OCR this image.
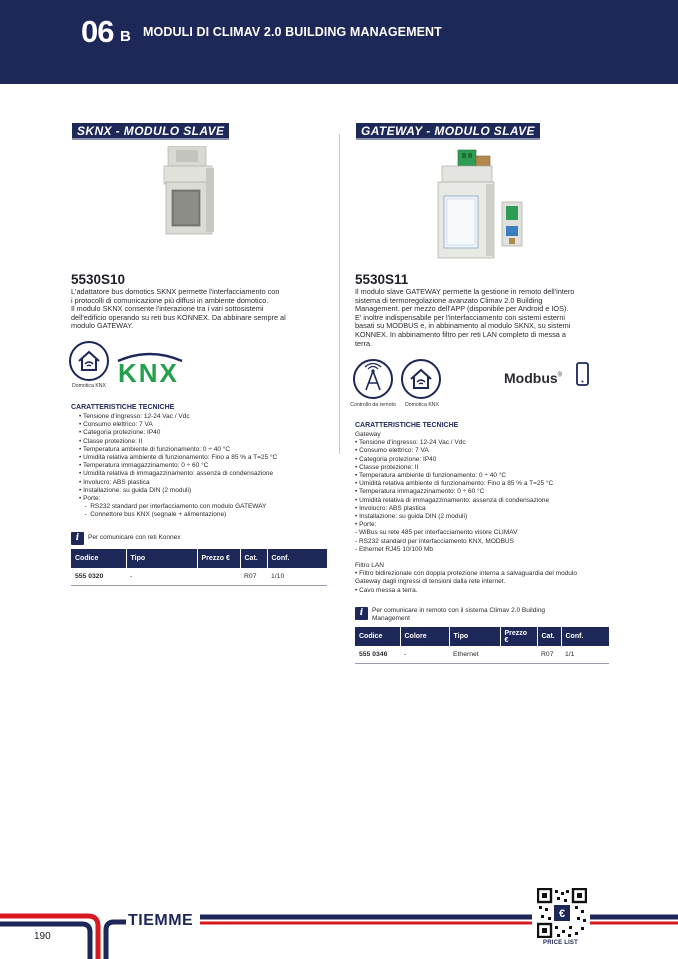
06 B MODULI DI CLIMAV 2.0 BUILDING MANAGEMENT
SKNX - MODULO SLAVE
5530S10
L'adattatore bus domotics SKNX permette l'interfacciamento con
i protocolli di comunicazione più diffusi in ambiente domotico.
Il modulo SKNX consente l'interazione tra i vari sottosistemi
dell'edificio operando su reti bus KONNEX. Da abbinare sempre al
modulo GATEWAY.
Domotica KNX KNX
CARATTERISTICHE TECNICHE
• Tensione d'ingresso: 12-24 Vac / Vdc
• Consumo elettrico: 7 VA
• Categoria protezione: IP40
• Classe protezione: II
• Temperatura ambiente di funzionamento: 0 ÷ 40 °C
• Umidità relativa ambiente di funzionamento: Fino a 85 % a T=25 °C
• Temperatura immagazzinamento: 0 ÷ 60 °C
• Umidità relativa di immagazzinamento: assenza di condensazione
• Involucro: ABS plastica
• Installazione: su guida DIN (2 moduli)
• Porte:
-  RS232 standard per interfacciamento con modulo GATEWAY
-  Connettore bus KNX (segnale + alimentazione)
i	Per comunicare con reti Konnex
Codice	Tipo	Prezzo €	Cat.	Conf.
555 0320	-		R07	1/10
GATEWAY - MODULO SLAVE
5530S11
Il modulo slave GATEWAY permette la gestione in remoto dell'intero
sistema di termoregolazione avanzato Climav 2.0 Building
Management. per mezzo dell'APP (disponibile per Android e IOS).
E' inoltre indispensabile per l'interfacciamento con sistemi esterni
basati su MODBUS e, in abbinamento al modulo SKNX, su sistemi
KONNEX. In abbinamento filtro per reti LAN completo di messa a
terra.
Controllo da remoto	Domotica KNX
Modbus®
CARATTERISTICHE TECNICHE
Gateway
• Tensione d'ingresso: 12-24 Vac / Vdc
• Consumo elettrico: 7 VA
• Categoria protezione: IP40
• Classe protezione: II
• Temperatura ambiente di funzionamento: 0 ÷ 40 °C
• Umidità relativa ambiente di funzionamento: Fino a 85 % a T=25 °C
• Temperatura immagazzinamento: 0 ÷ 60 °C
• Umidità relativa di immagazzinamento: assenza di condensazione
• Involucro: ABS plastica
• Installazione: su guida DIN (2 moduli)
• Porte:
- WiBus su rete 485 per interfacciamento visore CLIMAV
- RS232 standard per interfacciamento KNX, MODBUS
- Ethernet RJ45 10/100 Mb
Filtro LAN
• Filtro bidirezionale con doppia protezione interna a salvaguardia del modulo
Gateway dagli ingressi di tensioni dalla rete internet.
• Cavo messa a terra.
i	Per comunicare in remoto con il sistema Climav 2.0 Building
Management
Codice	Colore	Tipo	Prezzo €	Cat.	Conf.
555 0346	-	Ethernet		R07	1/1
TIEMME
190
€
PRICE LIST
